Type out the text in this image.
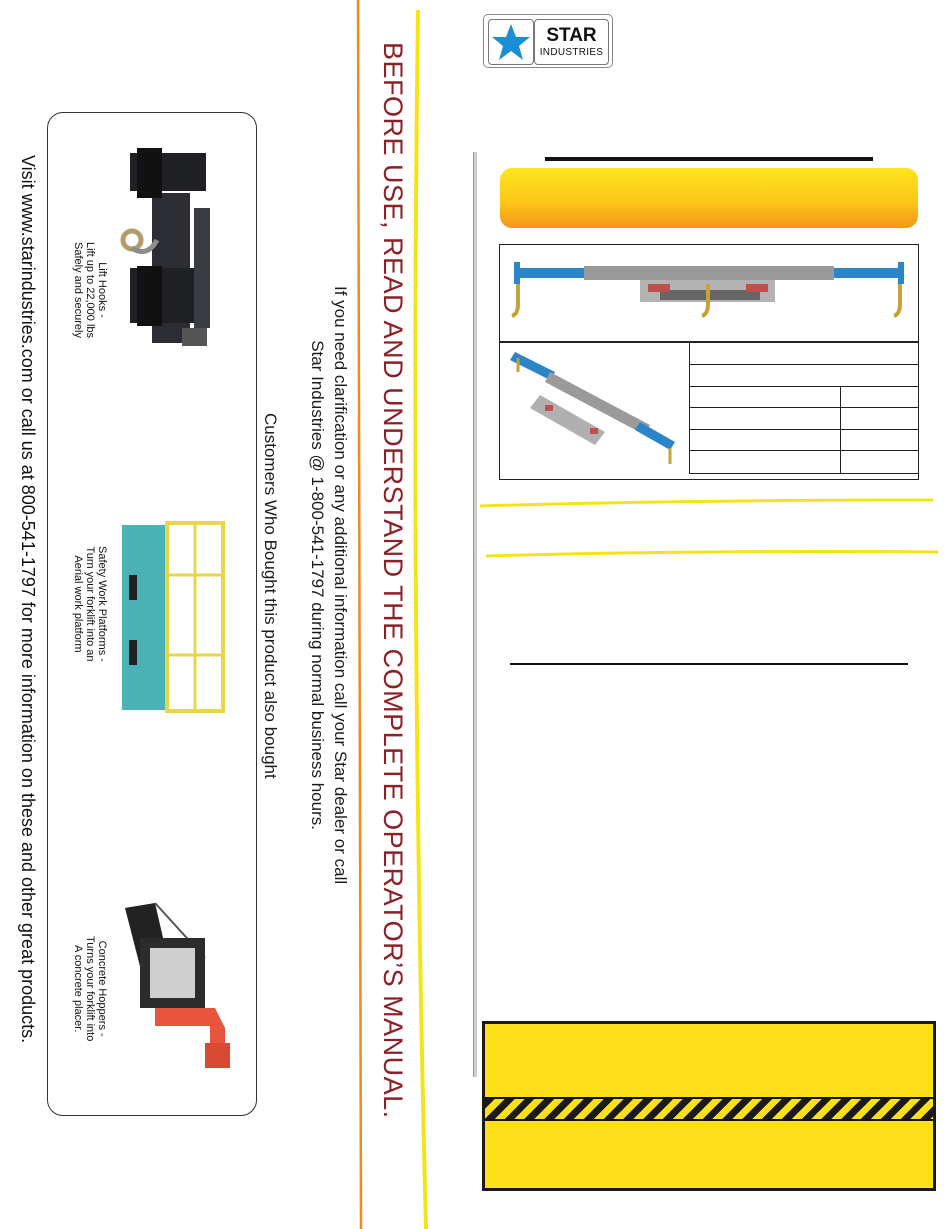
Visit www.starindustries.com or call us at 800-541-1797 for more information on these and other great products.	Lift Hooks -
Lift up to 22,000 lbs
Safely and securely
Safety Work Platforms -
Turn your forklift into an
Aerial work platform
Concrete Hoppers -
Turns your forklift into
A concrete placer.
Customers Who Bought this product also bought	If you need clarification or any additional information call your Star dealer or call
Star Industries @ 1-800-541-1797 during normal business hours. BEFORE USE, READ AND UNDERSTAND THE COMPLETE OPERATOR’S MANUAL.
STAR
INDUSTRIES
